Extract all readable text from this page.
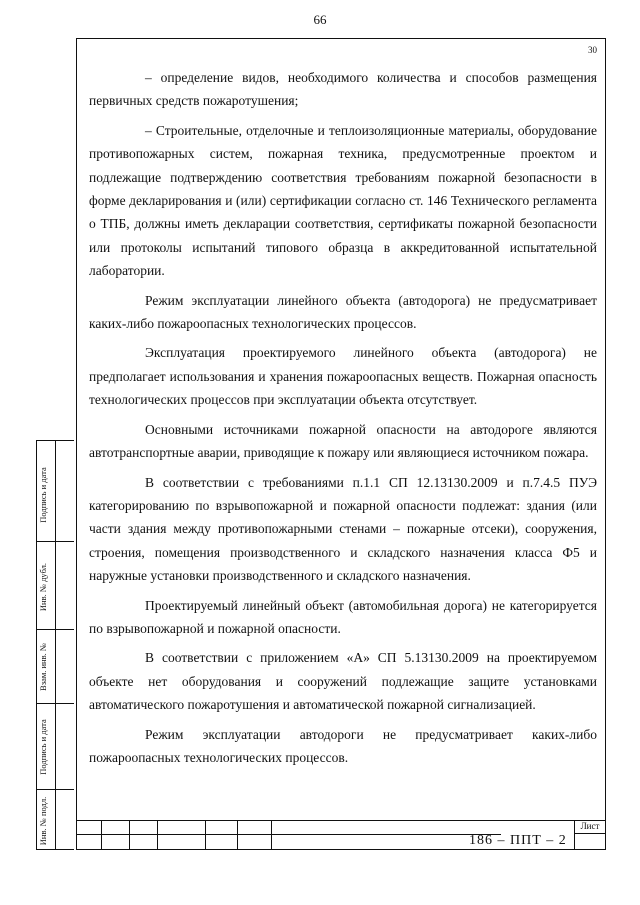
66
30

– определение видов, необходимого количества и способов размещения первичных средств пожаротушения;

– Строительные, отделочные и теплоизоляционные материалы, оборудование противопожарных систем, пожарная техника, предусмотренные проектом и подлежащие подтверждению соответствия требованиям пожарной безопасности в форме декларирования и (или) сертификации согласно ст. 146 Технического регламента о ТПБ, должны иметь декларации соответствия, сертификаты пожарной безопасности или протоколы испытаний типового образца в аккредитованной испытательной лаборатории.

Режим эксплуатации линейного объекта (автодорога) не предусматривает каких-либо пожароопасных технологических процессов.

Эксплуатация проектируемого линейного объекта (автодорога) не предполагает использования и хранения пожароопасных веществ. Пожарная опасность технологических процессов при эксплуатации объекта отсутствует.

Основными источниками пожарной опасности на автодороге являются автотранспортные аварии, приводящие к пожару или являющиеся источником пожара.

В соответствии с требованиями п.1.1 СП 12.13130.2009 и п.7.4.5 ПУЭ категорированию по взрывопожарной и пожарной опасности подлежат: здания (или части здания между противопожарными стенами – пожарные отсеки), сооружения, строения, помещения производственного и складского назначения класса Ф5 и наружные установки производственного и складского назначения.

Проектируемый линейный объект (автомобильная дорога) не категорируется по взрывопожарной и пожарной опасности.

В соответствии с приложением «А» СП 5.13130.2009 на проектируемом объекте нет оборудования и сооружений подлежащие защите установками автоматического пожаротушения и автоматической пожарной сигнализацией.

Режим эксплуатации автодороги не предусматривает каких-либо пожароопасных технологических процессов.

186 – ППТ – 2
Лист
Подпись и дата
Инв. № дубл.
Взам. инв. №
Подпись и дата
Инв. № подл.
